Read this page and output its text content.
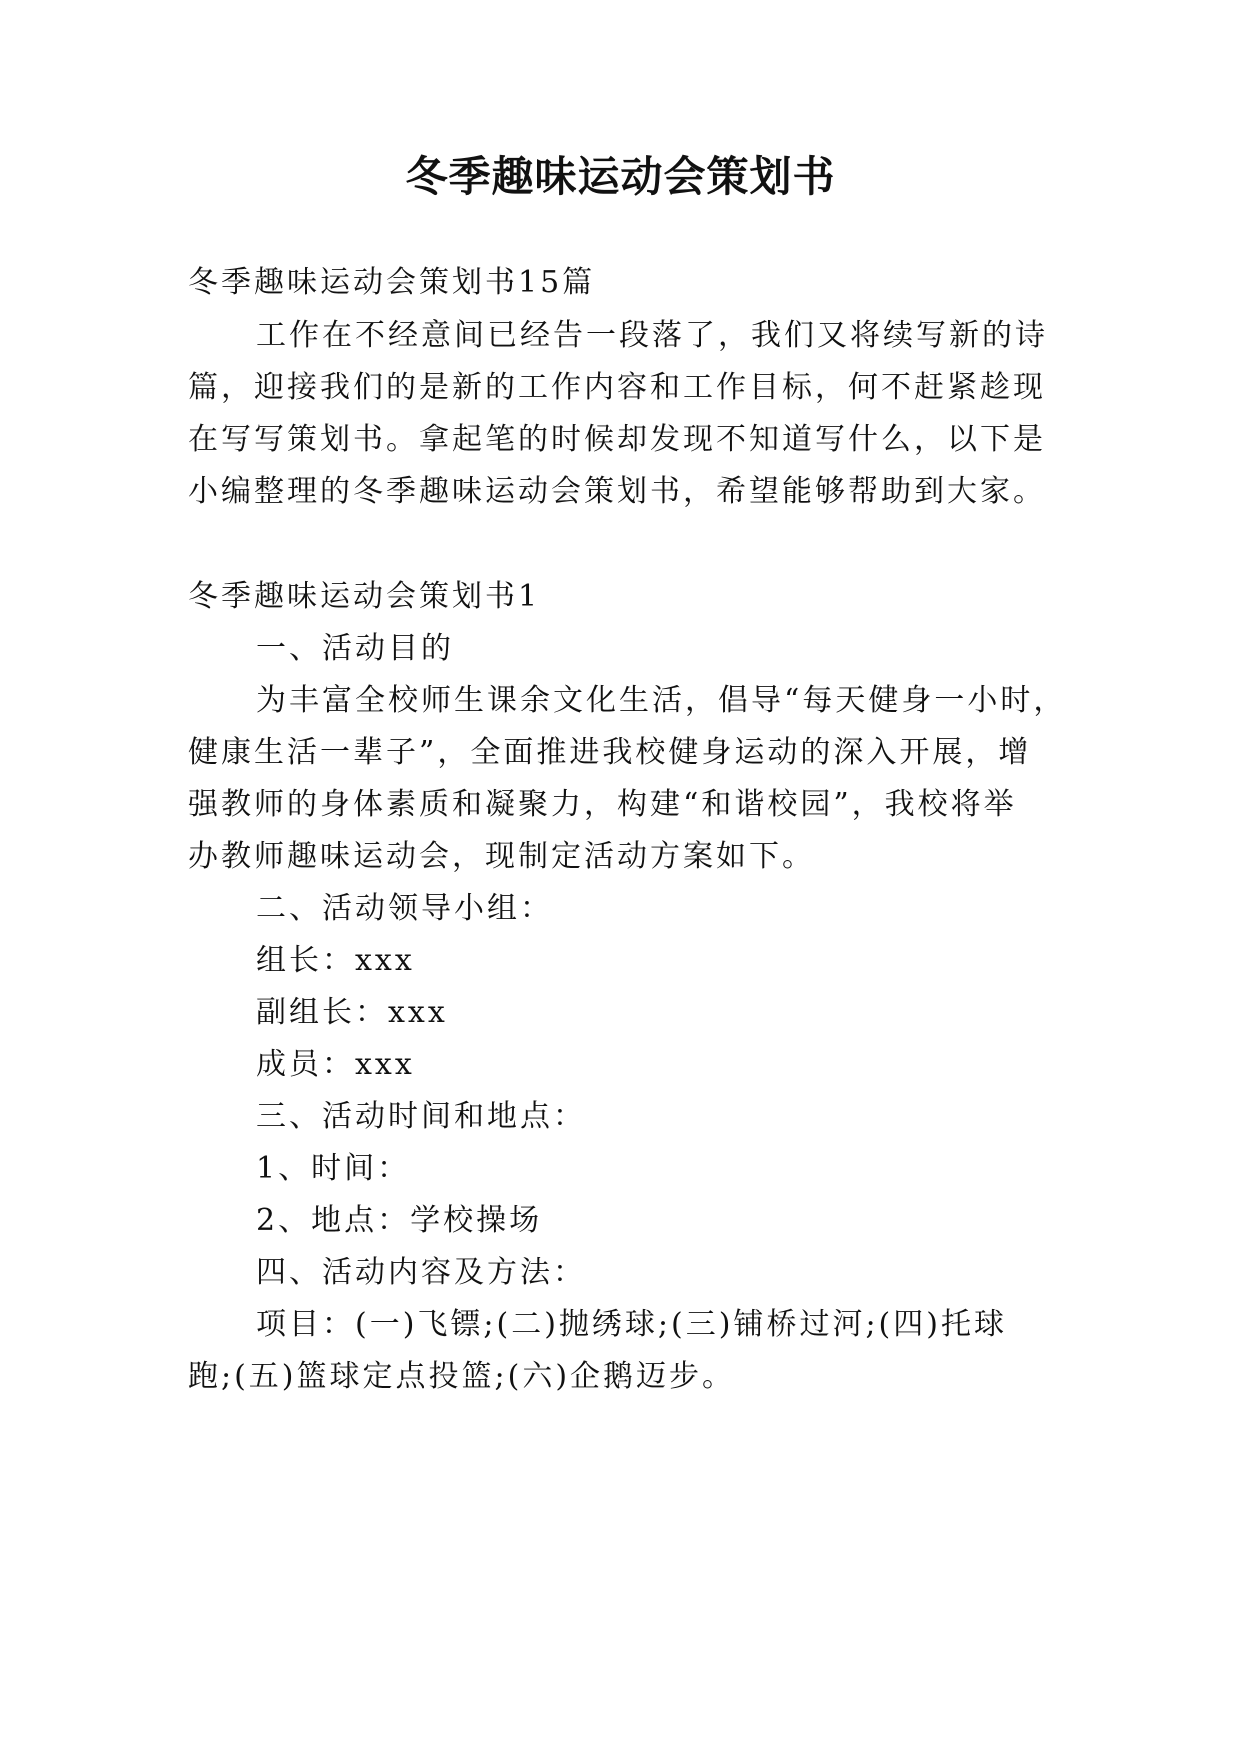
冬季趣味运动会策划书
冬季趣味运动会策划书15篇
工作在不经意间已经告一段落了，我们又将续写新的诗
篇，迎接我们的是新的工作内容和工作目标，何不赶紧趁现
在写写策划书。拿起笔的时候却发现不知道写什么，以下是
小编整理的冬季趣味运动会策划书，希望能够帮助到大家。
冬季趣味运动会策划书1
一、活动目的
为丰富全校师生课余文化生活，倡导“每天健身一小时，
健康生活一辈子”，全面推进我校健身运动的深入开展，增
强教师的身体素质和凝聚力，构建“和谐校园”，我校将举
办教师趣味运动会，现制定活动方案如下。
二、活动领导小组：
组长：xxx
副组长：xxx
成员：xxx
三、活动时间和地点：
1、时间：
2、地点：学校操场
四、活动内容及方法：
项目：(一)飞镖;(二)抛绣球;(三)铺桥过河;(四)托球
跑;(五)篮球定点投篮;(六)企鹅迈步。
